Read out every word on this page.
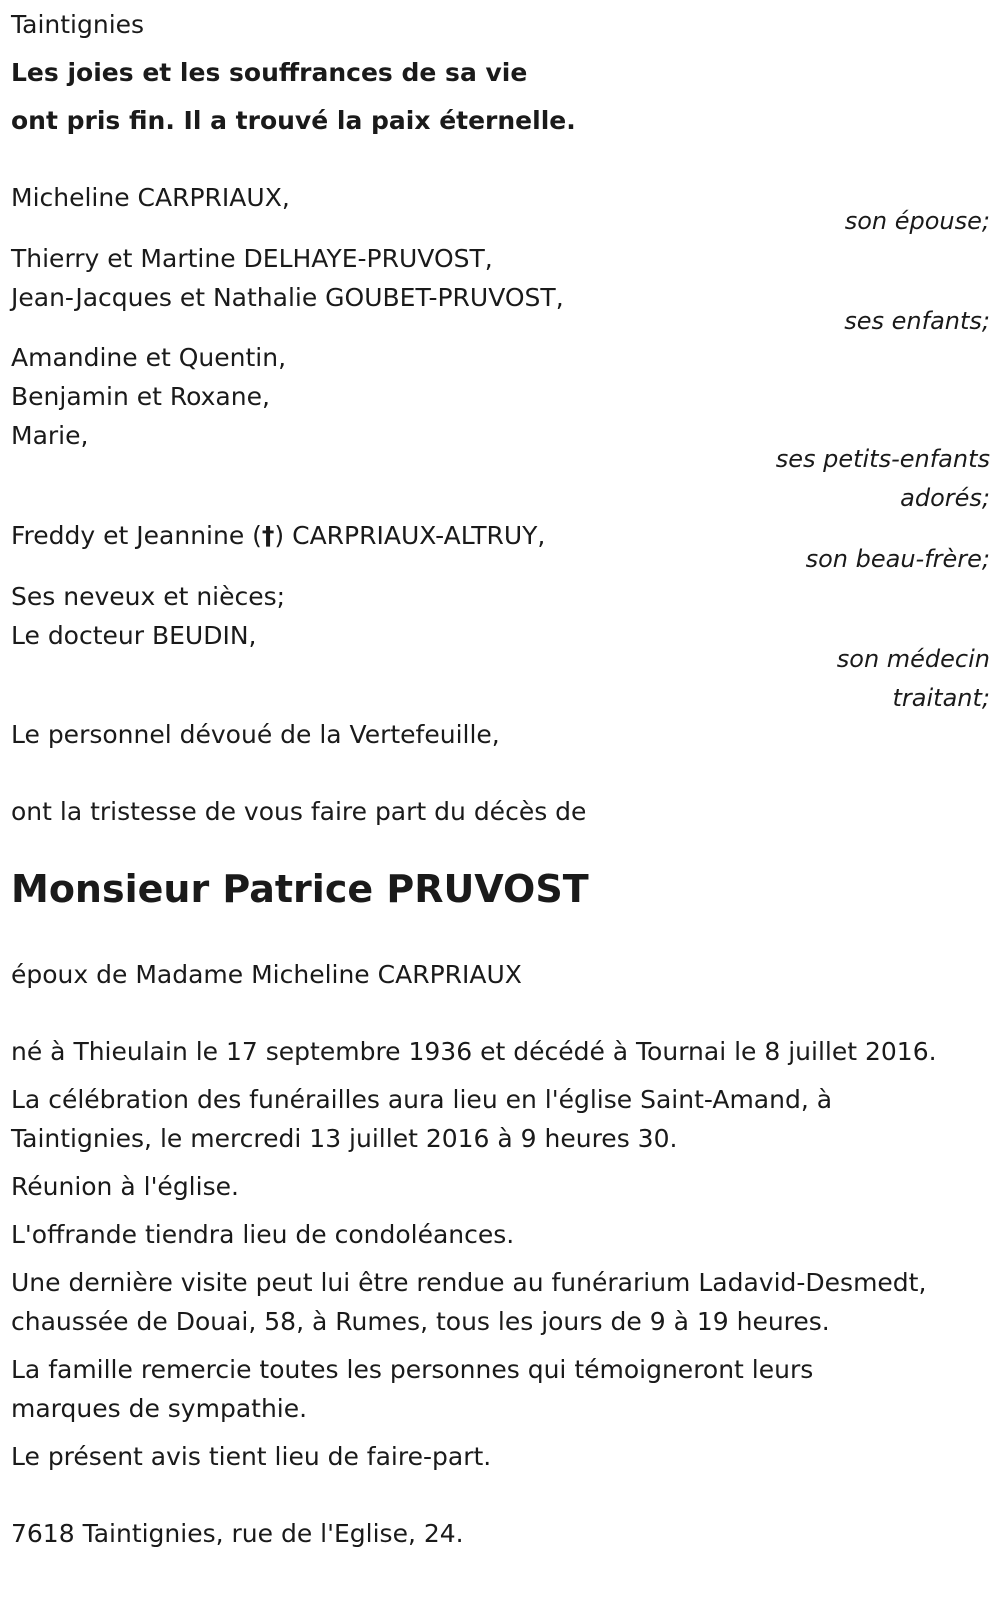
Taintignies
Les joies et les souffrances de sa vie
ont pris fin. Il a trouvé la paix éternelle.
Micheline CARPRIAUX,
son épouse;
Thierry et Martine DELHAYE-PRUVOST,
Jean-Jacques et Nathalie GOUBET-PRUVOST,
ses enfants;
Amandine et Quentin,
Benjamin et Roxane,
Marie,
ses petits-enfants
adorés;
Freddy et Jeannine (†) CARPRIAUX-ALTRUY,
son beau-frère;
Ses neveux et nièces;
Le docteur BEUDIN,
son médecin
traitant;
Le personnel dévoué de la Vertefeuille,
ont la tristesse de vous faire part du décès de
Monsieur Patrice PRUVOST
époux de Madame Micheline CARPRIAUX
né à Thieulain le 17 septembre 1936 et décédé à Tournai le 8 juillet 2016.
La célébration des funérailles aura lieu en l'église Saint-Amand, à
Taintignies, le mercredi 13 juillet 2016 à 9 heures 30.
Réunion à l'église.
L'offrande tiendra lieu de condoléances.
Une dernière visite peut lui être rendue au funérarium Ladavid-Desmedt,
chaussée de Douai, 58, à Rumes, tous les jours de 9 à 19 heures.
La famille remercie toutes les personnes qui témoigneront leurs
marques de sympathie.
Le présent avis tient lieu de faire-part.
7618 Taintignies, rue de l'Eglise, 24.
